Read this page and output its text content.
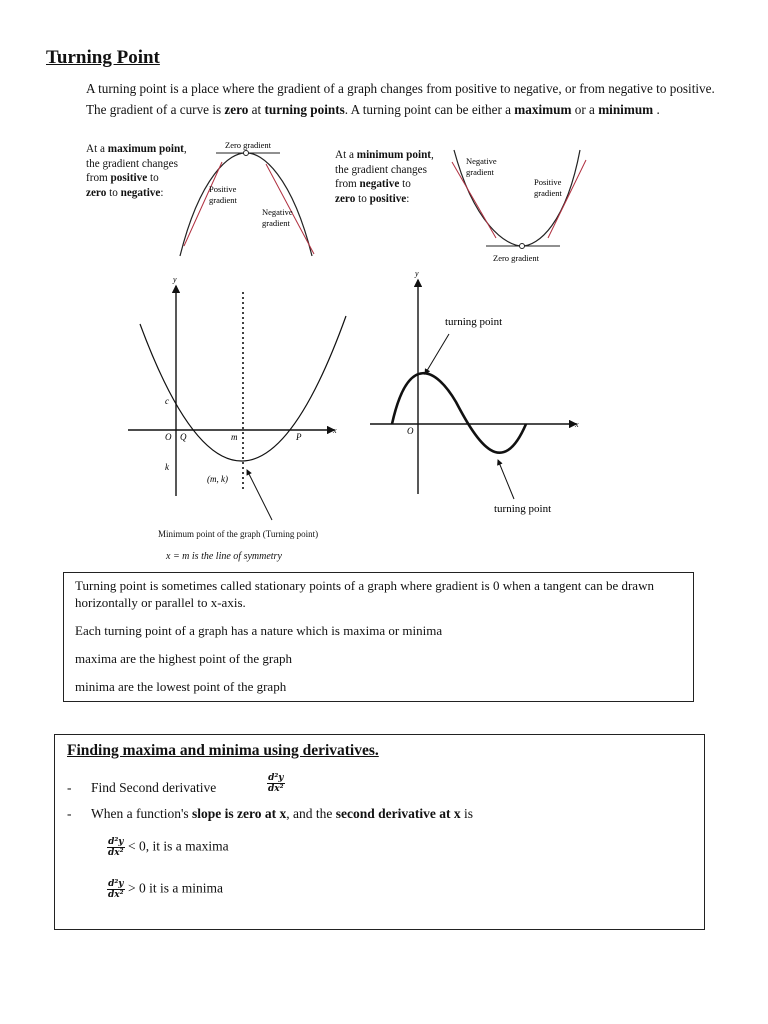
Turning Point
A turning point is a place where the gradient of a graph changes from positive to negative, or from negative to positive.
The gradient of a curve is zero at turning points. A turning point can be either a maximum or a minimum .
At a maximum point,
the gradient changes
from positive to
zero to negative:
At a minimum point,
the gradient changes
from negative to
zero to positive:
Zero gradient
Positive
gradient
Negative
gradient
Negative
gradient
Positive
gradient
Zero gradient
y
x
c
O Q	m	P
k
(m, k)
Minimum point of the graph (Turning point)
x = m is the line of symmetry
y
x
O
turning point
turning point

Turning point is sometimes called stationary points of a graph where gradient is 0 when a tangent can be drawn

horizontally or parallel to x-axis.

Each turning point of a graph has a nature which is maxima or minima

maxima are the highest point of the graph

minima are the lowest point of the graph

Finding maxima and minima using derivatives.
- Find Second derivative	$\frac{\text{d²y}}{\text{dx²}}$
- When a function's slope is zero at x, and the second derivative at x is
$\frac{\text{d²y}}{\text{dx²}} < 0$, it is a maxima
$\frac{\text{d²y}}{\text{dx²}} > 0$ it is a minima
